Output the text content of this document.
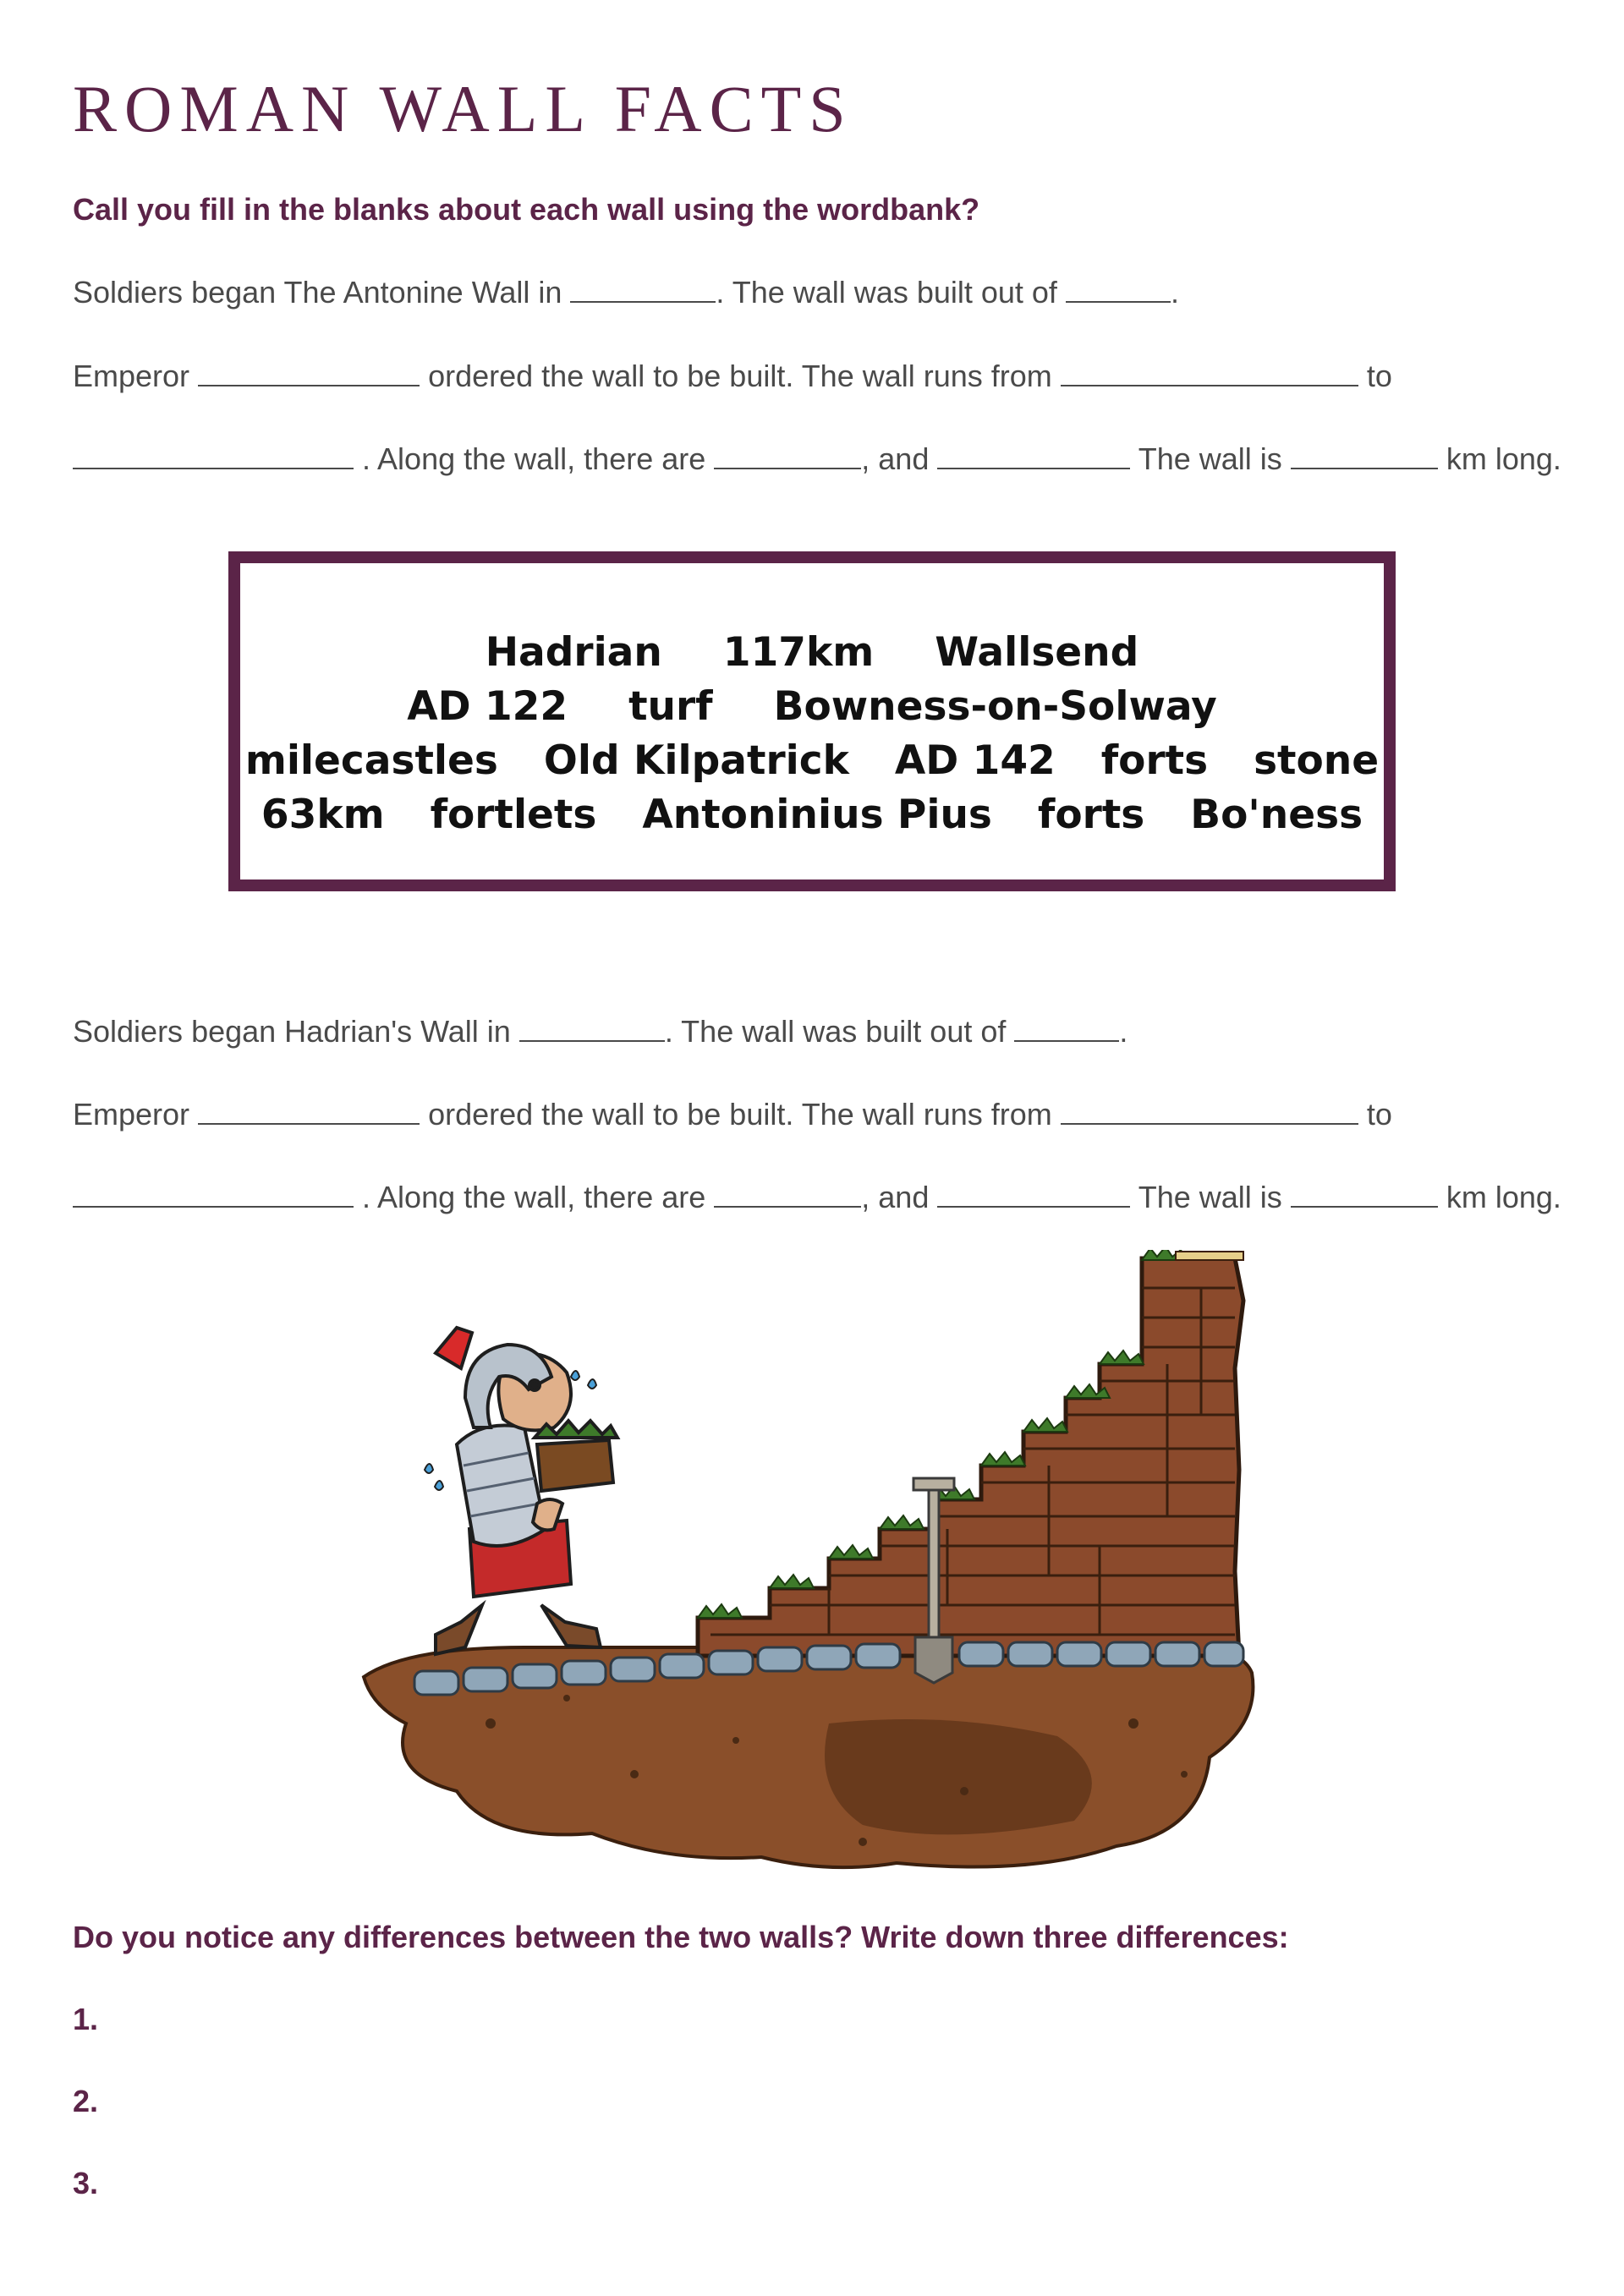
ROMAN WALL FACTS

Call you fill in the blanks about each wall using the wordbank?

Soldiers began The Antonine Wall in	. The wall was built out of	.

Emperor	ordered the wall to be built. The wall runs from	to

. Along the wall, there are	, and	The wall is	km long.

Hadrian 117km Wallsend
AD 122 turf Bowness-on-Solway
milecastles Old Kilpatrick AD 142 forts stone
63km fortlets Antoninius Pius forts Bo'ness

Soldiers began Hadrian's Wall in	. The wall was built out of	.

Emperor	ordered the wall to be built. The wall runs from	to

. Along the wall, there are	, and	The wall is	km long.

Do you notice any differences between the two walls? Write down three differences:

1.

2.

3.
